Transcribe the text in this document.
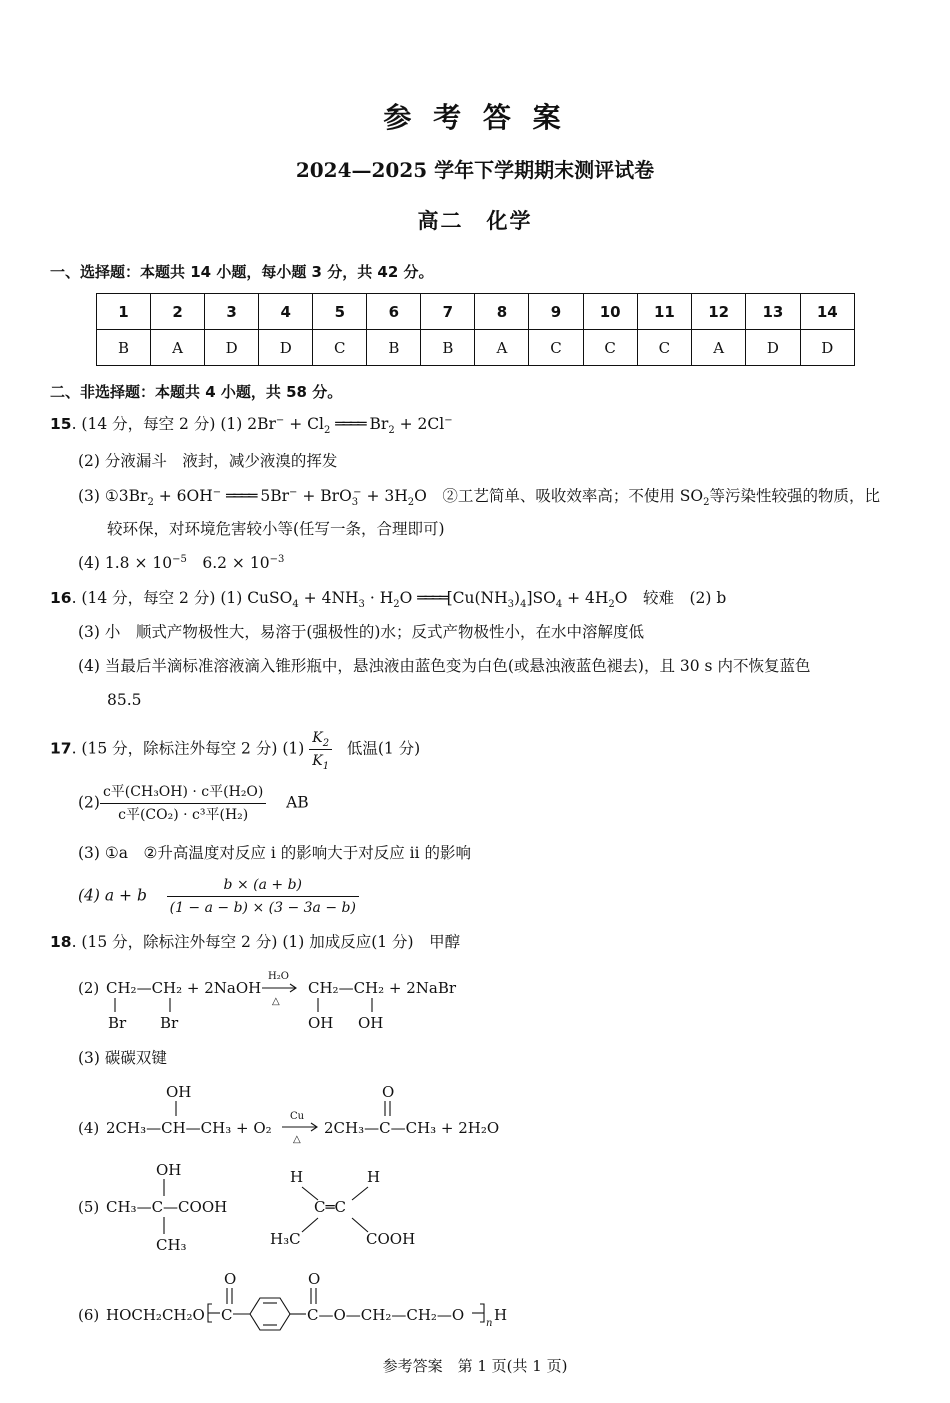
参 考 答 案
2024—2025 学年下学期期末测评试卷
高二　化学
一、选择题：本题共 14 小题，每小题 3 分，共 42 分。
1	2	3	4	5	6	7	8	9	10	11	12	13	14
B	A	D	D	C	B	B	A	C	C	C	A	D	D
二、非选择题：本题共 4 小题，共 58 分。
15. (14 分，每空 2 分) (1) $2Br^- + Cl_2$ ════ $Br_2 + 2Cl^-$
(2) 分液漏斗　液封，减少液溴的挥发
(3) $①3Br_2 + 6OH^-$ ════ $5Br^- + BrO_3^- + 3H_2O$　②工艺简单、吸收效率高；不使用 $SO_2$等污染性较强的物质，比
较环保，对环境危害较小等(任写一条，合理即可)
(4) $1.8 \times 10^{-5}$　$6.2 \times 10^{-3}$
16. (14 分，每空 2 分) (1) CuSO$_4$ + $4NH_3 \cdot H_2O$ $════[Cu(NH_3)_4]SO_4 + 4H_2O$　较难　(2) b
(3) 小　顺式产物极性大，易溶于(强极性的)水；反式产物极性小，在水中溶解度低
(4) 当最后半滴标准溶液滴入锥形瓶中，悬浊液由蓝色变为白色(或悬浊液蓝色褪去)，且 30 s 内不恢复蓝色
85.5
17. (15 分，除标注外每空 2 分) $(1) \frac{K_2}{K_1}$ 低温(1 分)
$(2) \frac{\text{c平(CH₃OH) · c平(H₂O)}}{\text{c平(CO₂) · c³平(H₂)}}$ AB
(3) ①a　②升高温度对反应 ⅰ 的影响大于对反应 ⅱ 的影响
(4) a + b $\frac{b \times (a + b)}{(1 - a - b) \times (3 - 3a - b)}$
18. (15 分，除标注外每空 2 分) (1) 加成反应(1 分)　甲醇
(2) CH₂—CH₂ + 2NaOH
Br Br
H₂O
△
CH₂—CH₂ + 2NaBr
OH OH
(3) 碳碳双键
OH
(4) 2CH₃—CH—CH₃ + O₂
Cu
△
O
2CH₃—C—CH₃ + 2H₂O
OH
(5) CH₃—C—COOH
CH₃
H	H
C═C
H₃C	COOH
(6) HOCH₂CH₂O C
O	O
C—O—CH₂—CH₂—O n H
参考答案　第 1 页(共 1 页)
